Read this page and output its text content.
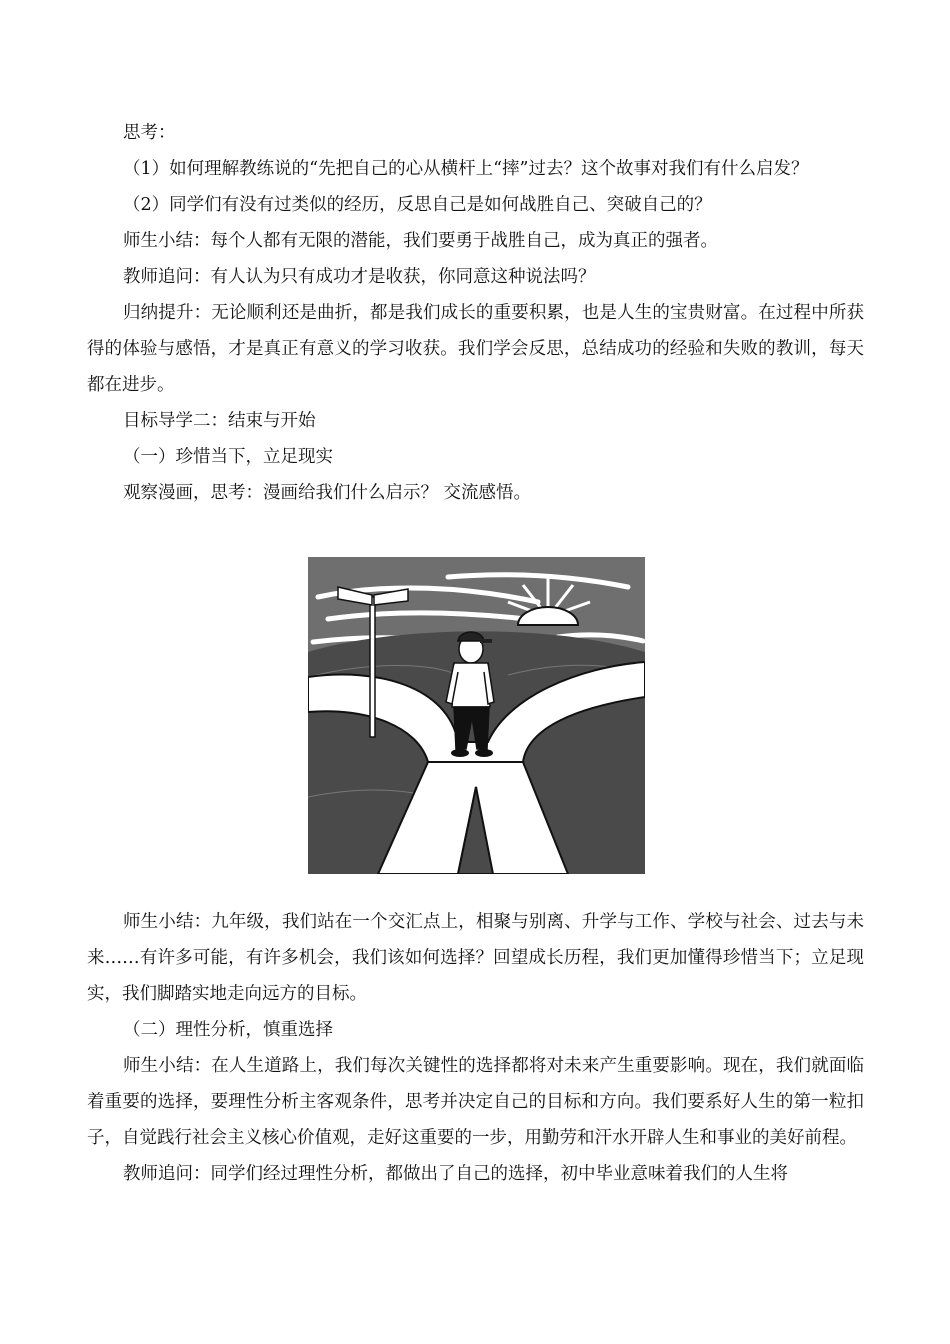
思考：

（1）如何理解教练说的“先把自己的心从横杆上“摔”过去？这个故事对我们有什么启发？

（2）同学们有没有过类似的经历，反思自己是如何战胜自己、突破自己的？

师生小结：每个人都有无限的潜能，我们要勇于战胜自己，成为真正的强者。

教师追问：有人认为只有成功才是收获，你同意这种说法吗？

归纳提升：无论顺利还是曲折，都是我们成长的重要积累，也是人生的宝贵财富。在过程中所获得的体验与感悟，才是真正有意义的学习收获。我们学会反思，总结成功的经验和失败的教训，每天都在进步。

目标导学二：结束与开始

（一）珍惜当下，立足现实

观察漫画，思考：漫画给我们什么启示？ 交流感悟。

师生小结：九年级，我们站在一个交汇点上，相聚与别离、升学与工作、学校与社会、过去与未来……有许多可能，有许多机会，我们该如何选择？回望成长历程，我们更加懂得珍惜当下；立足现实，我们脚踏实地走向远方的目标。

（二）理性分析，慎重选择

师生小结：在人生道路上，我们每次关键性的选择都将对未来产生重要影响。现在，我们就面临着重要的选择，要理性分析主客观条件，思考并决定自己的目标和方向。我们要系好人生的第一粒扣子，自觉践行社会主义核心价值观，走好这重要的一步，用勤劳和汗水开辟人生和事业的美好前程。

教师追问：同学们经过理性分析，都做出了自己的选择，初中毕业意味着我们的人生将
